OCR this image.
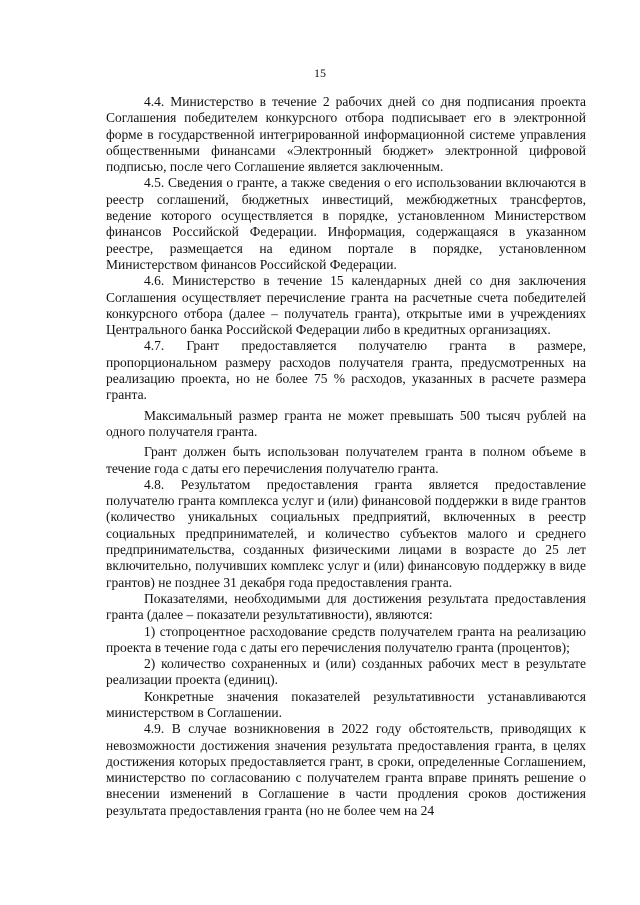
15

4.4. Министерство в течение 2 рабочих дней со дня подписания проекта Соглашения победителем конкурсного отбора подписывает его в электронной форме в государственной интегрированной информационной системе управления общественными финансами «Электронный бюджет» электронной цифровой подписью, после чего Соглашение является заключенным.

4.5. Сведения о гранте, а также сведения о его использовании включаются в реестр соглашений, бюджетных инвестиций, межбюджетных трансфертов, ведение которого осуществляется в порядке, установленном Министерством финансов Российской Федерации. Информация, содержащаяся в указанном реестре, размещается на едином портале в порядке, установленном Министерством финансов Российской Федерации.

4.6. Министерство в течение 15 календарных дней со дня заключения Соглашения осуществляет перечисление гранта на расчетные счета победителей конкурсного отбора (далее – получатель гранта), открытые ими в учреждениях Центрального банка Российской Федерации либо в кредитных организациях.

4.7. Грант предоставляется получателю гранта в размере, пропорциональном размеру расходов получателя гранта, предусмотренных на реализацию проекта, но не более 75 % расходов, указанных в расчете размера гранта.

Максимальный размер гранта не может превышать 500 тысяч рублей на одного получателя гранта.

Грант должен быть использован получателем гранта в полном объеме в течение года с даты его перечисления получателю гранта.

4.8. Результатом предоставления гранта является предоставление получателю гранта комплекса услуг и (или) финансовой поддержки в виде грантов (количество уникальных социальных предприятий, включенных в реестр социальных предпринимателей, и количество субъектов малого и среднего предпринимательства, созданных физическими лицами в возрасте до 25 лет включительно, получивших комплекс услуг и (или) финансовую поддержку в виде грантов) не позднее 31 декабря года предоставления гранта.

Показателями, необходимыми для достижения результата предоставления гранта (далее – показатели результативности), являются:

1) стопроцентное расходование средств получателем гранта на реализацию проекта в течение года с даты его перечисления получателю гранта (процентов);

2) количество сохраненных и (или) созданных рабочих мест в результате реализации проекта (единиц).

Конкретные значения показателей результативности устанавливаются министерством в Соглашении.

4.9. В случае возникновения в 2022 году обстоятельств, приводящих к невозможности достижения значения результата предоставления гранта, в целях достижения которых предоставляется грант, в сроки, определенные Соглашением, министерство по согласованию с получателем гранта вправе принять решение о внесении изменений в Соглашение в части продления сроков достижения результата предоставления гранта (но не более чем на 24
